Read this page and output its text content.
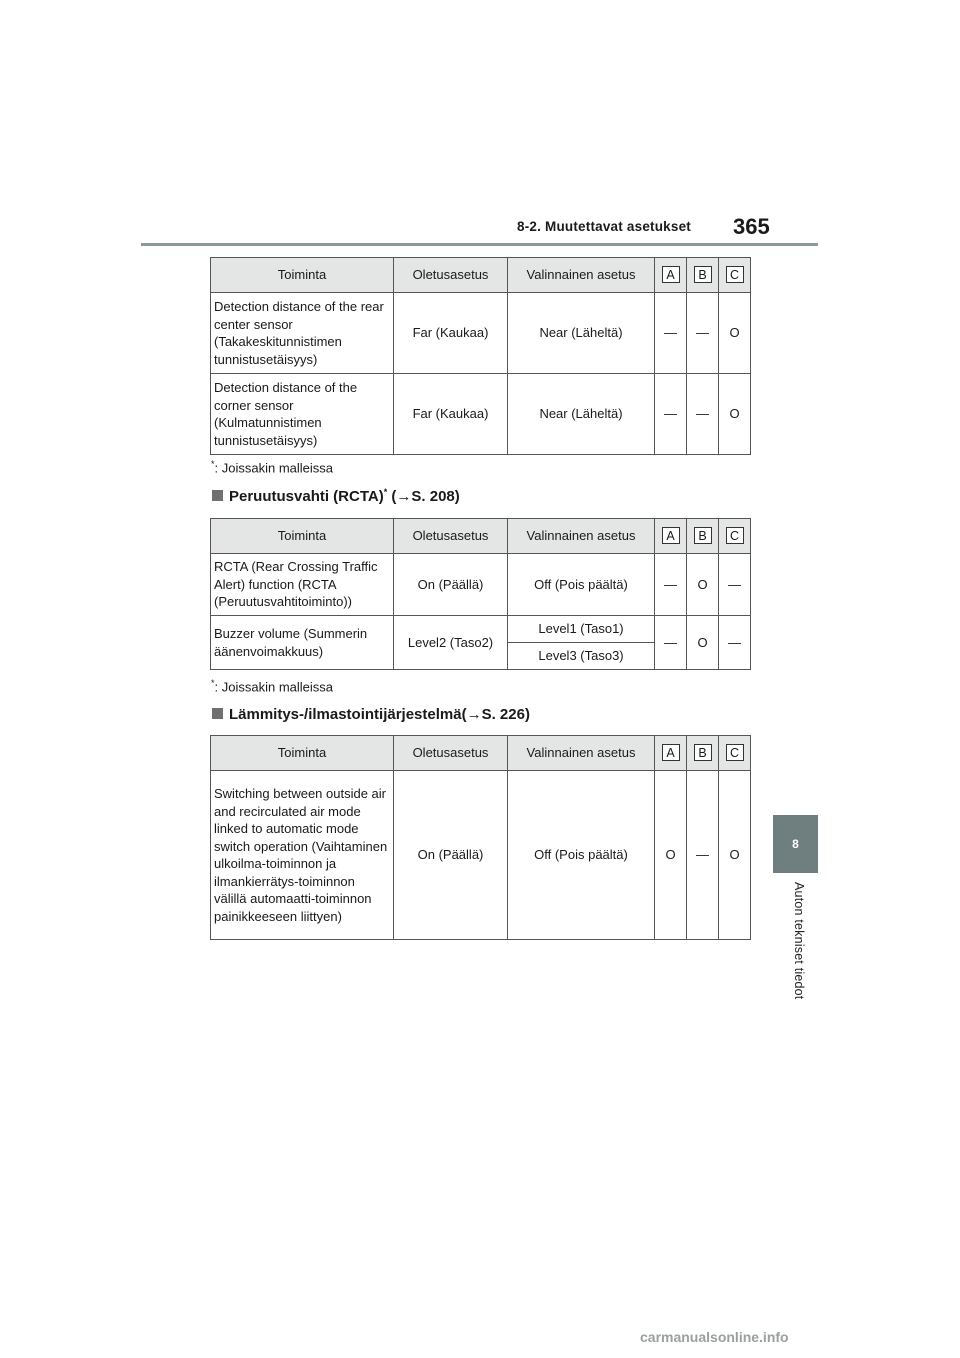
8-2. Muutettavat asetukset 365
8
Auton tekniset tiedot
Toiminta	Oletusasetus	Valinnainen asetus	A	B	C
Detection distance of the rear center sensor (Takakeskitunnistimen tunnistusetäisyys)	Far (Kaukaa)	Near (Läheltä)	—	—	O
Detection distance of the corner sensor (Kulmatunnistimen tunnistusetäisyys)	Far (Kaukaa)	Near (Läheltä)	—	—	O
*: Joissakin malleissa
Peruutusvahti (RCTA)* (→S. 208)
Toiminta	Oletusasetus	Valinnainen asetus	A	B	C
RCTA (Rear Crossing Traffic Alert) function (RCTA (Peruutusvahtitoiminto))	On (Päällä)	Off (Pois päältä)	—	O	—
Buzzer volume (Summerin äänenvoimakkuus)	Level2 (Taso2)	Level1 (Taso1)	—	O	—
		Level3 (Taso3)			
*: Joissakin malleissa
Lämmitys-/ilmastointijärjestelmä(→S. 226)
Toiminta	Oletusasetus	Valinnainen asetus	A	B	C
Switching between outside air and recirculated air mode linked to automatic mode switch operation (Vaihtaminen ulkoilma-toiminnon ja ilmankierrätys-toiminnon välillä automaatti-toiminnon painikkeeseen liittyen)	On (Päällä)	Off (Pois päältä)	O	—	O
carmanualsonline.info
